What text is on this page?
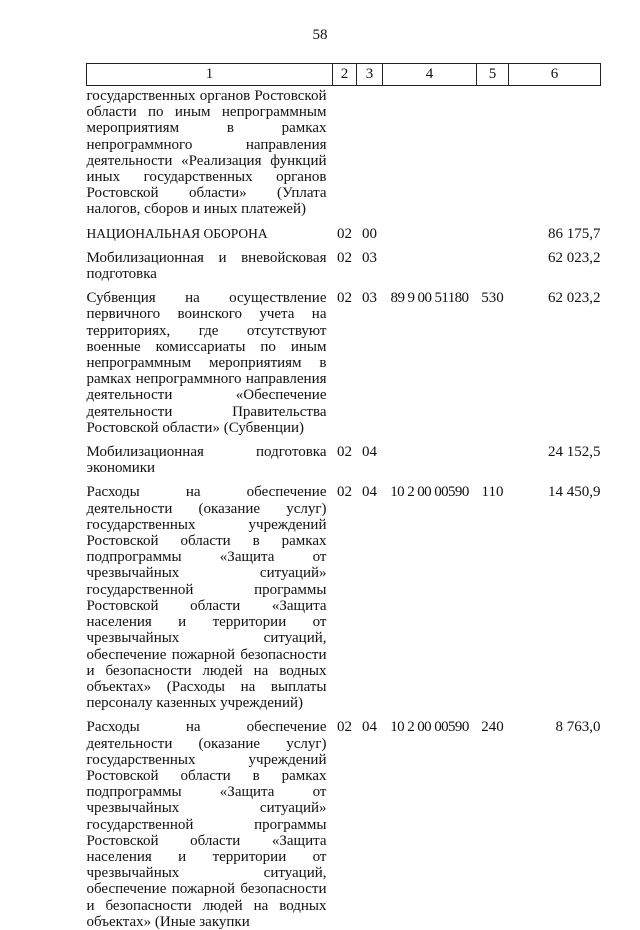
58
1	2	3	4	5	6
государственных органов Ростовской области по иным непрограммным мероприятиям в рамках непрограммного направления деятельности «Реализация функций иных государственных органов Ростовской области» (Уплата налогов, сборов и иных платежей)					
НАЦИОНАЛЬНАЯ ОБОРОНА	02	00			86 175,7
Мобилизационная и вневойсковая подготовка	02	03			62 023,2
Субвенция на осуществление первичного воинского учета на территориях, где отсутствуют военные комиссариаты по иным непрограммным мероприятиям в рамках непрограммного направления деятельности «Обеспечение деятельности Правительства Ростовской области» (Субвенции)	02	03	89 9 00 51180	530	62 023,2
Мобилизационная подготовка экономики	02	04			24 152,5
Расходы на обеспечение деятельности (оказание услуг) государственных учреждений Ростовской области в рамках подпрограммы «Защита от чрезвычайных ситуаций» государственной программы Ростовской области «Защита населения и территории от чрезвычайных ситуаций, обеспечение пожарной безопасности и безопасности людей на водных объектах» (Расходы на выплаты персоналу казенных учреждений)	02	04	10 2 00 00590	110	14 450,9
Расходы на обеспечение деятельности (оказание услуг) государственных учреждений Ростовской области в рамках подпрограммы «Защита от чрезвычайных ситуаций» государственной программы Ростовской области «Защита населения и территории от чрезвычайных ситуаций, обеспечение пожарной безопасности и безопасности людей на водных объектах» (Иные закупки	02	04	10 2 00 00590	240	8 763,0
